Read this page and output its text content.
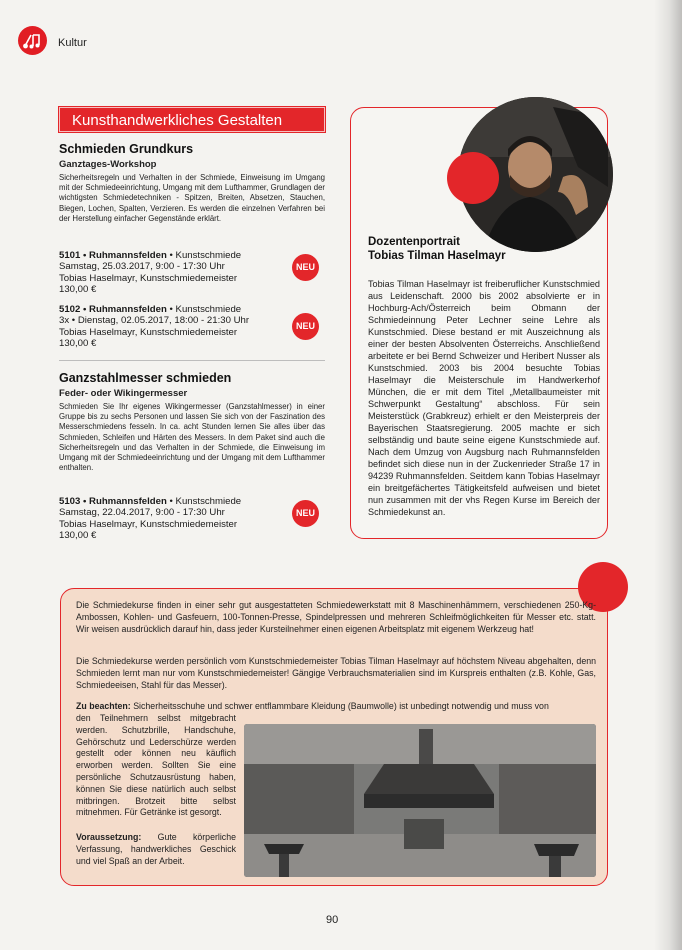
Kultur
Kunsthandwerkliches Gestalten
Schmieden Grundkurs
Ganztages-Workshop

Sicherheitsregeln und Verhalten in der Schmiede, Einweisung im Umgang mit der Schmiedeeinrichtung, Umgang mit dem Lufthammer, Grundlagen der wichtigsten Schmiedetechniken - Spitzen, Breiten, Absetzen, Stauchen, Biegen, Lochen, Spalten, Verzieren. Es werden die einzelnen Verfahren bei der Herstellung einfacher Gegenstände erklärt.

5101 • Ruhmannsfelden • Kunstschmiede
Samstag, 25.03.2017, 9:00 - 17:30 Uhr
Tobias Haselmayr, Kunstschmiedemeister
130,00 €
NEU
5102 • Ruhmannsfelden • Kunstschmiede
3x • Dienstag, 02.05.2017, 18:00 - 21:30 Uhr
Tobias Haselmayr, Kunstschmiedemeister
130,00 €
NEU
Ganzstahlmesser schmieden
Feder- oder Wikingermesser

Schmieden Sie Ihr eigenes Wikingermesser (Ganzstahlmesser) in einer Gruppe bis zu sechs Personen und lassen Sie sich von der Faszination des Messerschmiedens fesseln. In ca. acht Stunden lernen Sie alles über das Schmieden, Schleifen und Härten des Messers. In dem Paket sind auch die Sicherheitsregeln und das Verhalten in der Schmiede, die Einweisung im Umgang mit der Schmiedeeinrichtung und der Umgang mit dem Lufthammer enthalten.

5103 • Ruhmannsfelden • Kunstschmiede
Samstag, 22.04.2017, 9:00 - 17:30 Uhr
Tobias Haselmayr, Kunstschmiedemeister
130,00 €
NEU
Dozentenportrait
Tobias Tilman Haselmayr

Tobias Tilman Haselmayr ist freiberuflicher Kunstschmied aus Leidenschaft. 2000 bis 2002 absolvierte er in Hochburg-Ach/Österreich beim Obmann der Schmiedeinnung Peter Lechner seine Lehre als Kunstschmied. Diese bestand er mit Auszeichnung als einer der besten Absolventen Österreichs. Anschließend arbeitete er bei Bernd Schweizer und Heribert Nusser als Kunstschmied. 2003 bis 2004 besuchte Tobias Haselmayr die Meisterschule im Handwerkerhof München, die er mit dem Titel „Metallbaumeister mit Schwerpunkt Gestaltung“ abschloss. Für sein Meisterstück (Grabkreuz) erhielt er den Meisterpreis der Bayerischen Staatsregierung. 2005 machte er sich selbständig und baute seine eigene Kunstschmiede auf. Nach dem Umzug von Augsburg nach Ruhmannsfelden befindet sich diese nun in der Zuckenrieder Straße 17 in 94239 Ruhmannsfelden. Seitdem kann Tobias Haselmayr ein breitgefächertes Tätigkeitsfeld aufweisen und bietet nun zusammen mit der vhs Regen Kurse im Bereich der Schmiedekunst an.

Die Schmiedekurse finden in einer sehr gut ausgestatteten Schmiedewerkstatt mit 8 Maschinenhämmern, verschiedenen 250-Kg-Ambossen, Kohlen- und Gasfeuern, 100-Tonnen-Presse, Spindelpressen und mehreren Schleifmöglichkeiten für Messer etc. statt. Wir weisen ausdrücklich darauf hin, dass jeder Kursteilnehmer einen eigenen Arbeitsplatz mit eigenem Werkzeug hat!

Die Schmiedekurse werden persönlich vom Kunstschmiedemeister Tobias Tilman Haselmayr auf höchstem Niveau abgehalten, denn Schmieden lernt man nur vom Kunstschmiedemeister! Gängige Verbrauchsmaterialien sind im Kurspreis enthalten (z.B. Kohle, Gas, Schmiedeeisen, Stahl für das Messer).

Zu beachten: Sicherheitsschuhe und schwer entflammbare Kleidung (Baumwolle) ist unbedingt notwendig und muss von

den Teilnehmern selbst mitgebracht werden. Schutzbrille, Handschuhe, Gehörschutz und Lederschürze werden gestellt oder können neu käuflich erworben werden. Sollten Sie eine persönliche Schutzausrüstung haben, können Sie diese natürlich auch selbst mitbringen. Brotzeit bitte selbst mitnehmen. Für Getränke ist gesorgt.

Voraussetzung: Gute körperliche Verfassung, handwerkliches Geschick und viel Spaß an der Arbeit.

90
